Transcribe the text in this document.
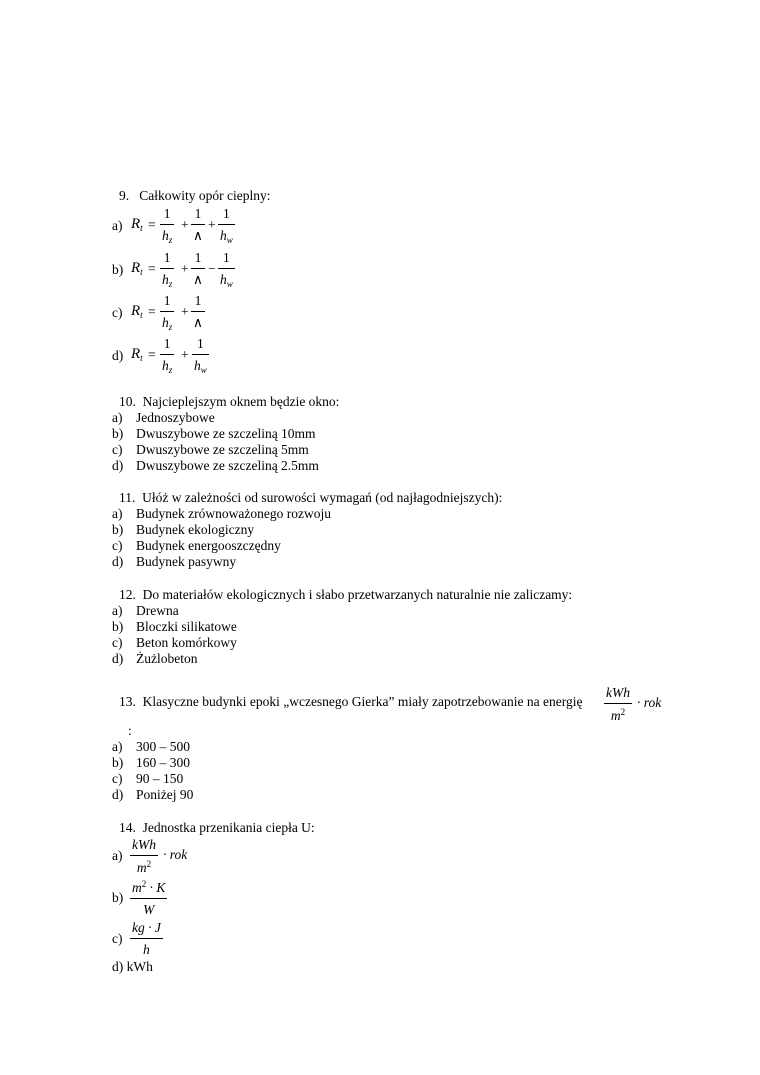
9.   Całkowity opór cieplny:
a) $R_t$ =
1
$h_z$
+
1
∧
+
1
$h_w$
b) $R_t$ =
1
$h_z$
+
1
∧
−
1
$h_w$
c) $R_t$ =
1
$h_z$
+
1
∧
d) $R_t$ =
1
$h_z$
+
1
$h_w$
10.  Najcieplejszym oknem będzie okno:
a) Jednoszybowe
b) Dwuszybowe ze szczeliną 10mm
c) Dwuszybowe ze szczeliną 5mm
d) Dwuszybowe ze szczeliną 2.5mm
11.  Ułóż w zależności od surowości wymagań (od najłagodniejszych):
a) Budynek zrównoważonego rozwoju
b) Budynek ekologiczny
c) Budynek energooszczędny
d) Budynek pasywny
12.  Do materiałów ekologicznych i słabo przetwarzanych naturalnie nie zaliczamy:
a) Drewna
b) Bloczki silikatowe
c) Beton komórkowy
d) Żużlobeton
13.  Klasyczne budynki epoki „wczesnego Gierka” miały zapotrzebowanie na energię
kWh
$m^2$
· rok
:
a) 300 – 500
b) 160 – 300
c) 90 – 150
d) Poniżej 90
14.  Jednostka przenikania ciepła U:
a)
kWh
$m^2$
· rok
b)
$m^2 \cdot K$
W
c)
kg · J
h
d) kWh
